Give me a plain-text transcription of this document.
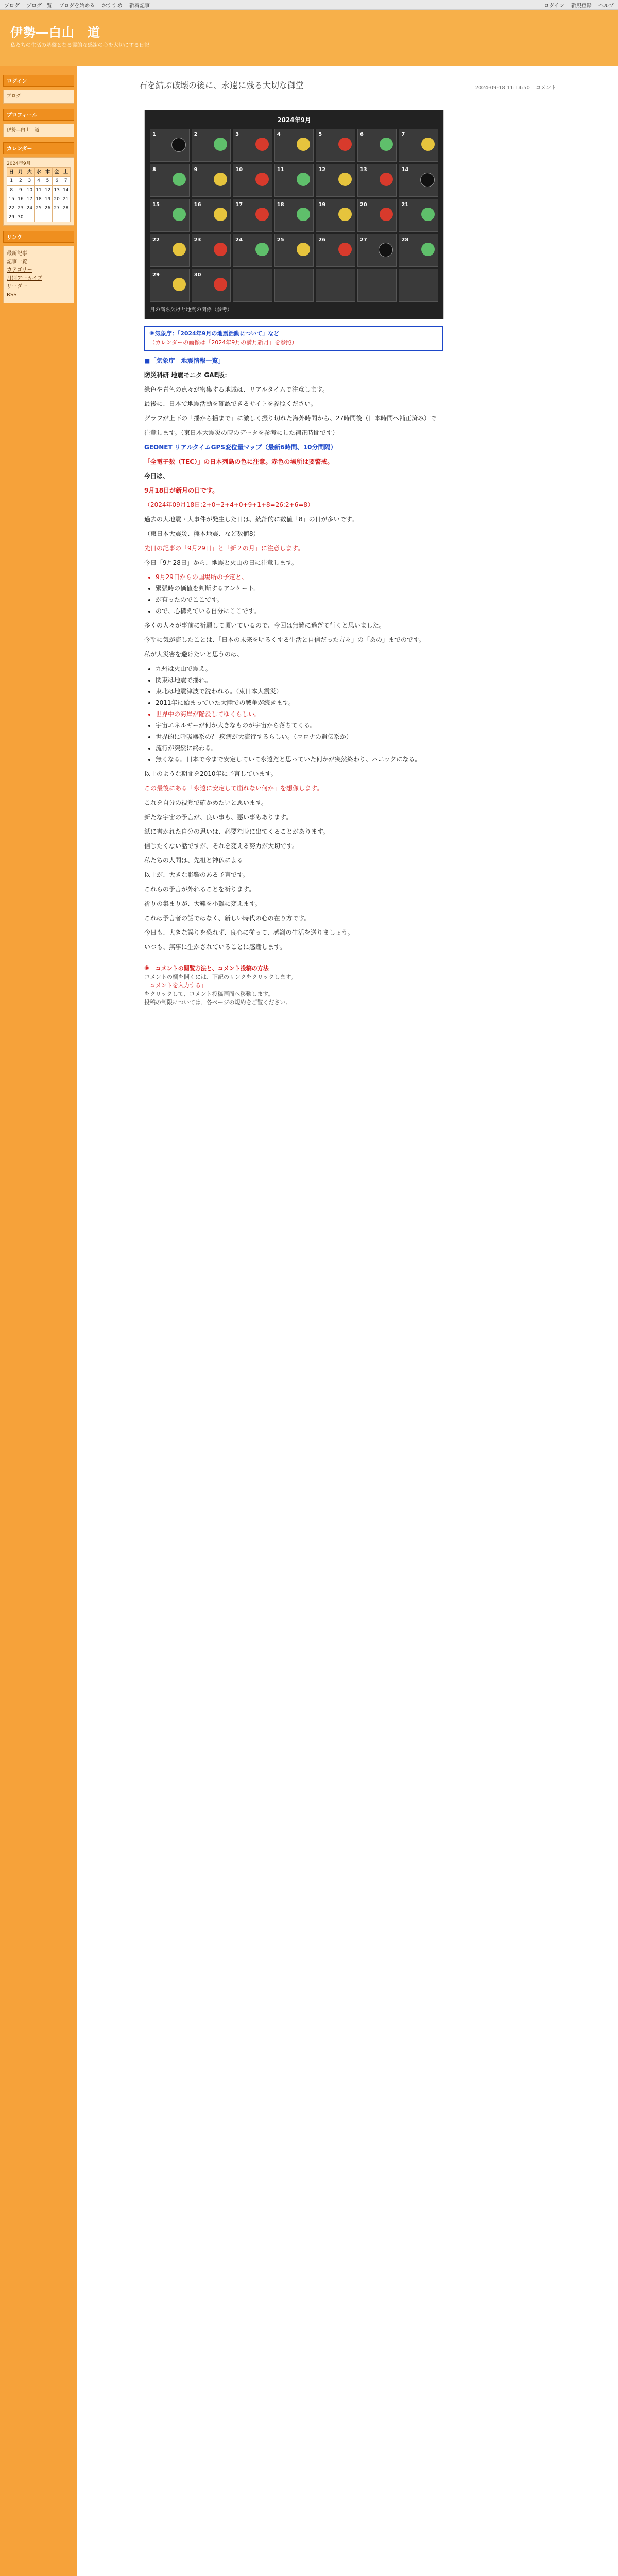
ブログ ブログ一覧 ブログを始める おすすめ 新着記事	ログイン 新規登録 ヘルプ
伊勢―白山　道
私たちの生活の基盤となる霊的な感謝の心を大切にする日記
ログイン
ブログ
プロフィール
伊勢―白山　道
カレンダー
2024年9月
日	月	火	水	木	金	土
1	2	3	4	5	6	7
8	9	10	11	12	13	14
15	16	17	18	19	20	21
22	23	24	25	26	27	28
29	30					
リンク
最新記事
記事一覧
カテゴリー
月別アーカイブ
リーダー
RSS
石を結ぶ破壊の後に、永遠に残る大切な御堂	2024-09-18 11:14:50 コメント
2024年9月
1	2	3	4	5	6	7
8	9	10	11	12	13	14
15	16	17	18	19	20	21
22	23	24	25	26	27	28
29	30
月の満ち欠けと地震の関係（参考）
※気象庁：「2024年9月の地震活動について」など
（カレンダーの画像は「2024年9月の満月新月」を参照）

■「気象庁　地震情報一覧」

防災科研 地震モニタ GAE版：

緑色や青色の点々が密集する地域は、リアルタイムで注意します。

最後に、日本で地震活動を確認できるサイトを参照ください。

グラフが上下の「揺から揺まで」に激しく振り切れた海外時間から、27時間後（日本時間へ補正済み）で

注意します。（東日本大震災の時のデータを参考にした補正時間です）

GEONET リアルタイムGPS変位量マップ（最新6時間、10分間隔）

「全電子数（TEC）」の日本列島の色に注意。赤色の場所は要警戒。

今日は、

9月18日が新月の日です。

（2024年09月18日:2+0+2+4+0+9+1+8=26:2+6=8）

過去の大地震・大事件が発生した日は、統計的に数値「8」の日が多いです。

（東日本大震災、熊本地震、など数値8）

先日の記事の「9月29日」と「新２の月」に注意します。

今日「9月28日」から、地震と火山の日に注意します。

• 9月29日からの国場所の予定と、
• 緊張時の価値を判断するアンケート。
• が有ったのでここです。
• ので、心構えている自分にここです。

多くの人々が事前に祈願して頂いているので、今回は無難に過ぎて行くと思いました。

今朝に気が流したことは、「日本の未来を明るくする生活と自信だった方々」の「あの」までのです。

私が大災害を避けたいと思うのは、

• 九州は火山で震え。
• 関東は地震で揺れ。
• 東北は地震津波で洗われる。（東日本大震災）
• 2011年に始まっていた大陸での戦争が続きます。
• 世界中の海岸が陥没してゆくらしい。
• 宇宙エネルギーが何か大きなものが宇宙から落ちてくる。
• 世界的に呼吸器系の？ 疾病が大流行するらしい。（コロナの遺伝系か）
• 流行が突然に終わる。
• 無くなる。日本で今まで安定していて永遠だと思っていた何かが突然終わり、パニックになる。

以上のような期間を2010年に予言しています。

この最後にある「永遠に安定して崩れない何か」を想像します。

これを自分の視覚で確かめたいと思います。

新たな宇宙の予言が、良い事も、悪い事もあります。

紙に書かれた自分の思いは、必要な時に出てくることがあります。

信じたくない話ですが、それを変える努力が大切です。

私たちの人間は、先祖と神仏による

以上が、大きな影響のある予言です。

これらの予言が外れることを祈ります。

祈りの集まりが、大難を小難に変えます。

これは予言者の話ではなく、新しい時代の心の在り方です。

今日も、大きな誤りを恐れず、良心に従って、感謝の生活を送りましょう。

いつも、無事に生かされていることに感謝します。

※　コメントの閲覧方法と、コメント投稿の方法
コメントの欄を開くには、下記のリンクをクリックします。
「コメントを入力する」
をクリックして、コメント投稿画面へ移動します。
投稿の制限については、各ページの規約をご覧ください。
